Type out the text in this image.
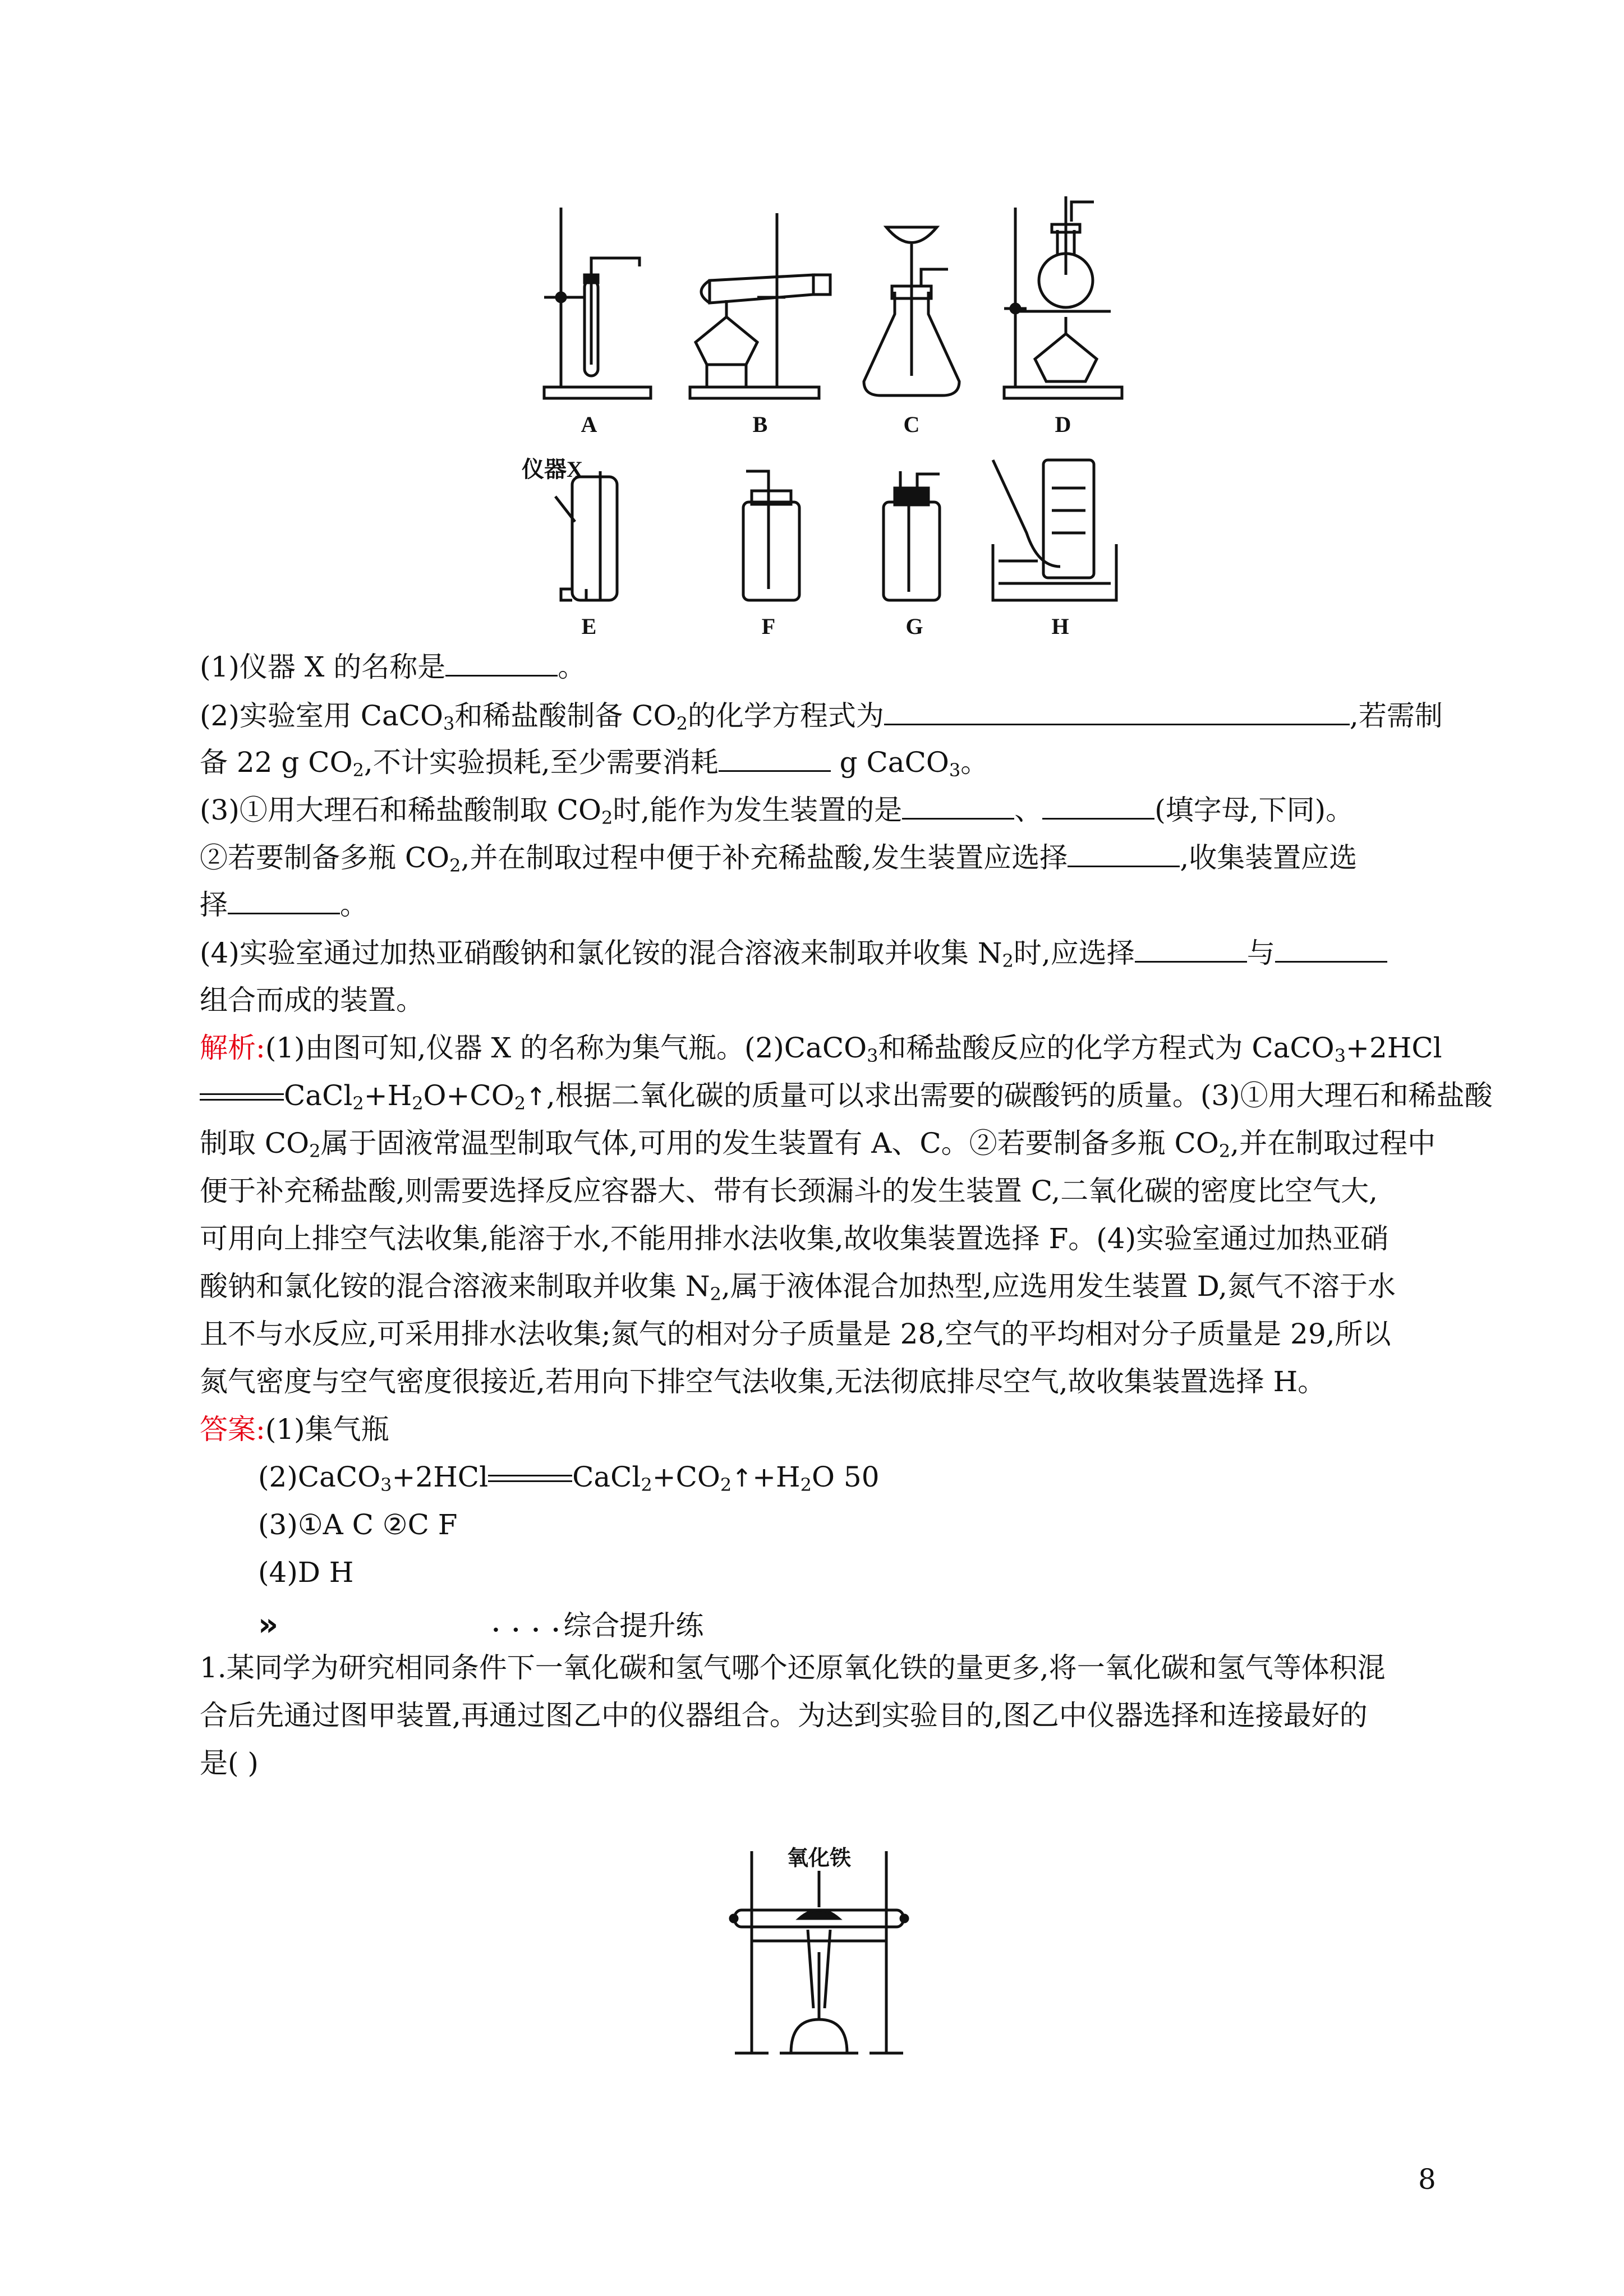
A	B	C	D
仪器X
E	F	G	H
(1)仪器 X 的名称是	。
(2)实验室用 CaCO$_3$和稀盐酸制备 $CO_2$的化学方程式为	,若需制
备 22 g $CO_2$,不计实验损耗,至少需要消耗	g CaCO$_3$。
(3)①用大理石和稀盐酸制取 $CO_2$时,能作为发生装置的是	、	(填字母,下同)。
②若要制备多瓶 $CO_2$,并在制取过程中便于补充稀盐酸,发生装置应选择	,收集装置应选
择	。
(4)实验室通过加热亚硝酸钠和氯化铵的混合溶液来制取并收集 $N_2$时,应选择	与
组合而成的装置。
解析:(1)由图可知,仪器 X 的名称为集气瓶。(2)CaCO$_3$和稀盐酸反应的化学方程式为 CaCO$_3$+2HCl
$CaCl_2+H_2O+CO_2↑$,根据二氧化碳的质量可以求出需要的碳酸钙的质量。(3)①用大理石和稀盐酸
制取 $CO_2$属于固液常温型制取气体,可用的发生装置有 A、C。②若要制备多瓶 $CO_2$,并在制取过程中
便于补充稀盐酸,则需要选择反应容器大、带有长颈漏斗的发生装置 C,二氧化碳的密度比空气大,
可用向上排空气法收集,能溶于水,不能用排水法收集,故收集装置选择 F。(4)实验室通过加热亚硝
酸钠和氯化铵的混合溶液来制取并收集 $N_2$,属于液体混合加热型,应选用发生装置 D,氮气不溶于水
且不与水反应,可采用排水法收集;氮气的相对分子质量是 28,空气的平均相对分子质量是 29,所以
氮气密度与空气密度很接近,若用向下排空气法收集,无法彻底排尽空气,故收集装置选择 H。
答案:(1)集气瓶
(2)CaCO$_3$+2HCl	$CaCl_2+CO_2↑+H_2O$ 50
(3)①A C ②C F
(4)D H
»	• • • •综合提升练
1.某同学为研究相同条件下一氧化碳和氢气哪个还原氧化铁的量更多,将一氧化碳和氢气等体积混
合后先通过图甲装置,再通过图乙中的仪器组合。为达到实验目的,图乙中仪器选择和连接最好的
是( )
氧化铁
8
